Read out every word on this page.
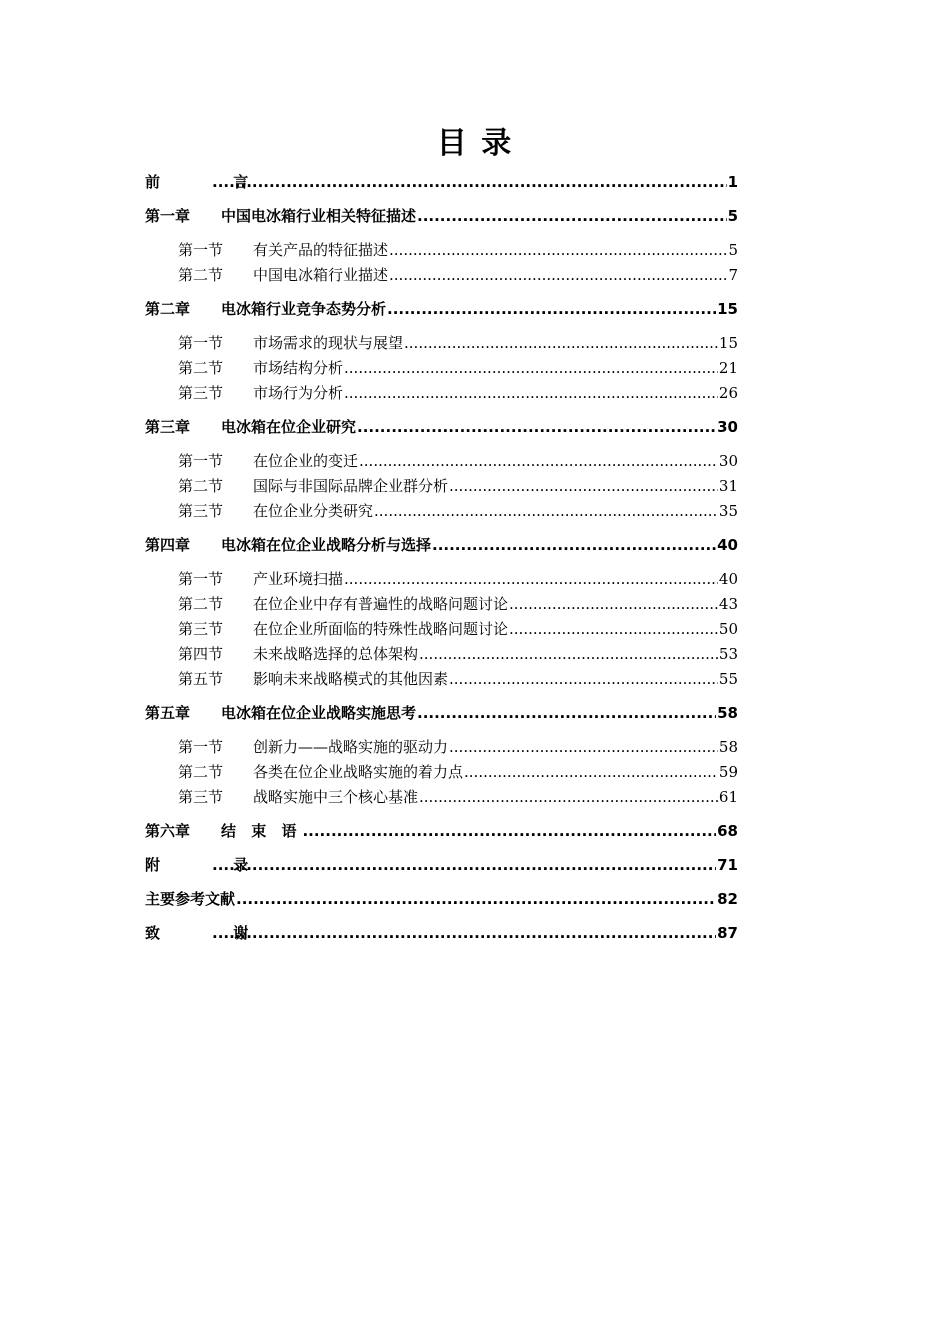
目 录
前 言 .....	1
第一章	中国电冰箱行业相关特征描述 .....	5
第一节	有关产品的特征描述 .....	5
第二节	中国电冰箱行业描述 .....	7
第二章	电冰箱行业竞争态势分析 .....	15
第一节	市场需求的现状与展望 .....	15
第二节	市场结构分析 .....	21
第三节	市场行为分析 .....	26
第三章	电冰箱在位企业研究 .....	30
第一节	在位企业的变迁 .....	30
第二节	国际与非国际品牌企业群分析 .....	31
第三节	在位企业分类研究 .....	35
第四章	电冰箱在位企业战略分析与选择 .....	40
第一节	产业环境扫描 .....	40
第二节	在位企业中存有普遍性的战略问题讨论 .....	43
第三节	在位企业所面临的特殊性战略问题讨论 .....	50
第四节	未来战略选择的总体架构 .....	53
第五节	影响未来战略模式的其他因素 .....	55
第五章	电冰箱在位企业战略实施思考 .....	58
第一节	创新力——战略实施的驱动力 .....	58
第二节	各类在位企业战略实施的着力点 .....	59
第三节	战略实施中三个核心基准 .....	61
第六章	结 束 语 .....	68
附 录 .....	71
主要参考文献 .....	82
致 谢 .....	87
